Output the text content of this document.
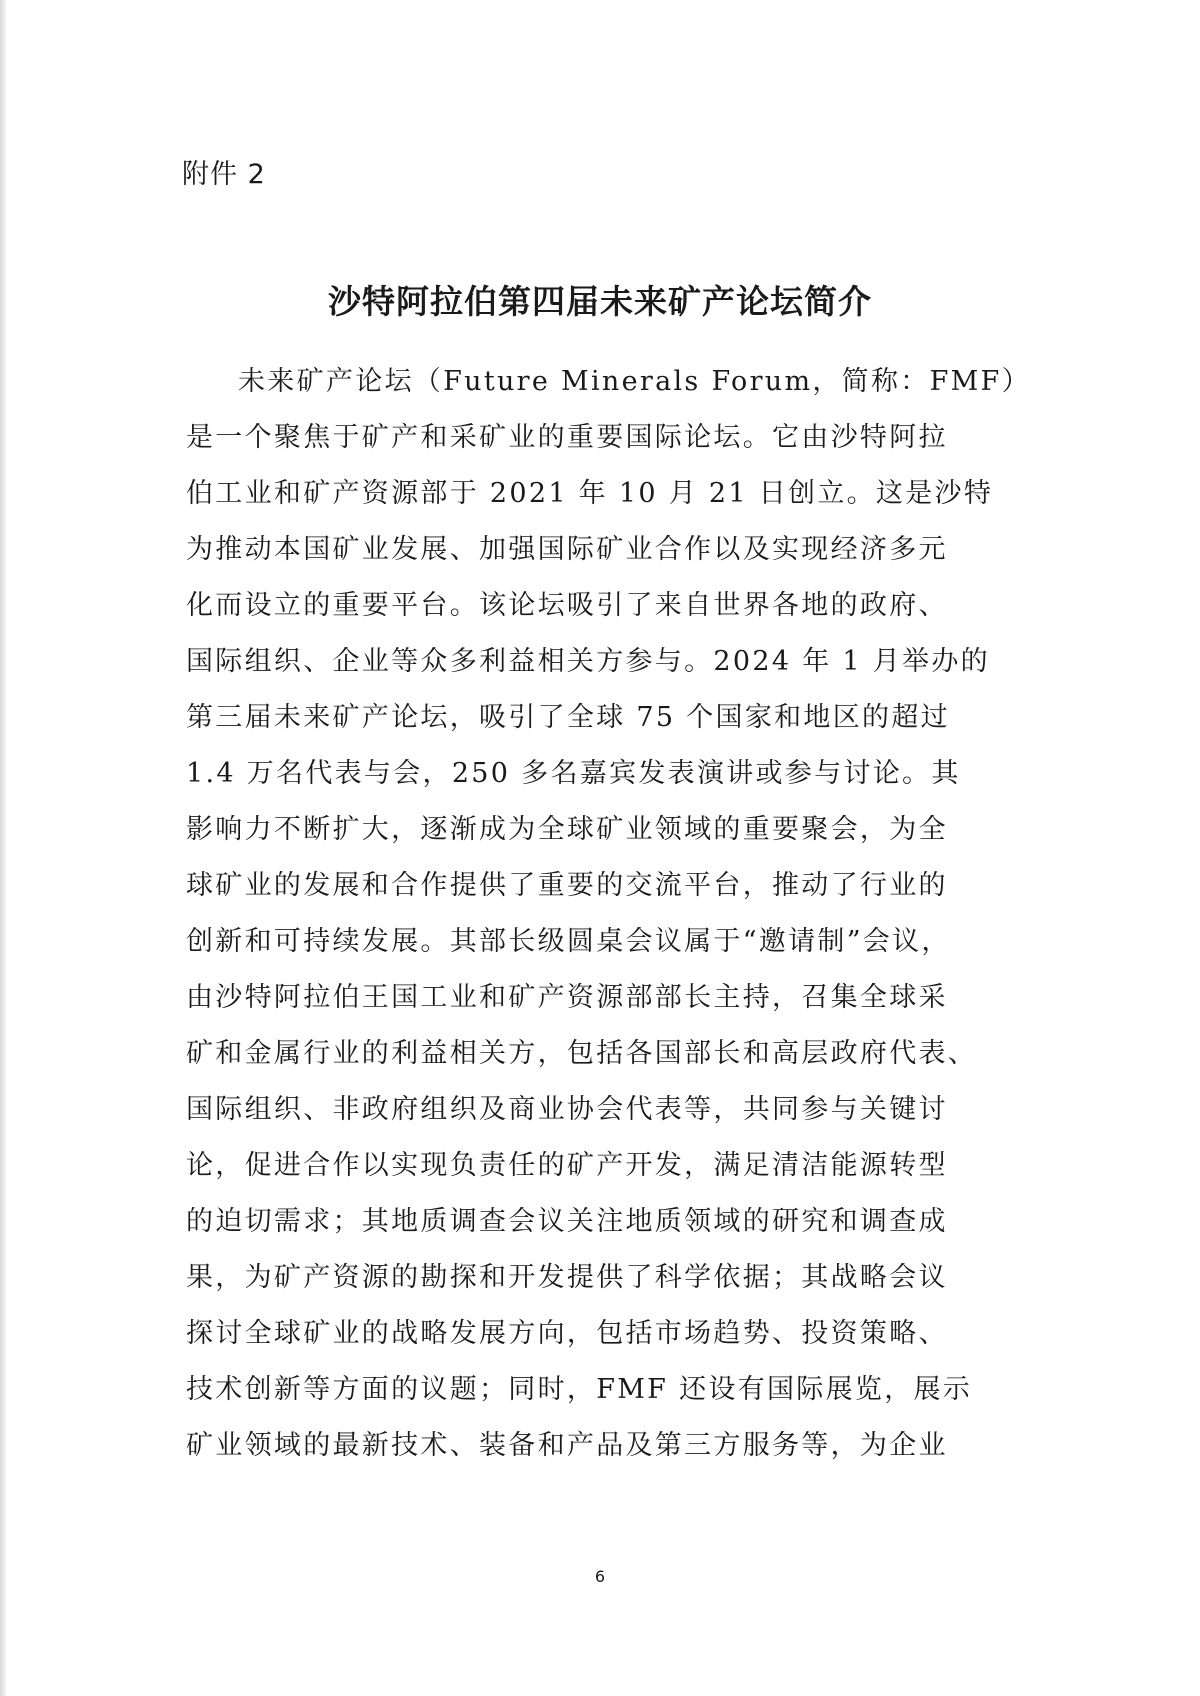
附件 2
沙特阿拉伯第四届未来矿产论坛简介
未来矿产论坛（Future Minerals Forum，简称：FMF）
是一个聚焦于矿产和采矿业的重要国际论坛。它由沙特阿拉
伯工业和矿产资源部于 2021 年 10 月 21 日创立。这是沙特
为推动本国矿业发展、加强国际矿业合作以及实现经济多元
化而设立的重要平台。该论坛吸引了来自世界各地的政府、
国际组织、企业等众多利益相关方参与。2024 年 1 月举办的
第三届未来矿产论坛，吸引了全球 75 个国家和地区的超过
1.4 万名代表与会，250 多名嘉宾发表演讲或参与讨论。其
影响力不断扩大，逐渐成为全球矿业领域的重要聚会，为全
球矿业的发展和合作提供了重要的交流平台，推动了行业的
创新和可持续发展。其部长级圆桌会议属于“邀请制”会议，
由沙特阿拉伯王国工业和矿产资源部部长主持，召集全球采
矿和金属行业的利益相关方，包括各国部长和高层政府代表、
国际组织、非政府组织及商业协会代表等，共同参与关键讨
论，促进合作以实现负责任的矿产开发，满足清洁能源转型
的迫切需求；其地质调查会议关注地质领域的研究和调查成
果，为矿产资源的勘探和开发提供了科学依据；其战略会议
探讨全球矿业的战略发展方向，包括市场趋势、投资策略、
技术创新等方面的议题；同时，FMF 还设有国际展览，展示
矿业领域的最新技术、装备和产品及第三方服务等，为企业
6
